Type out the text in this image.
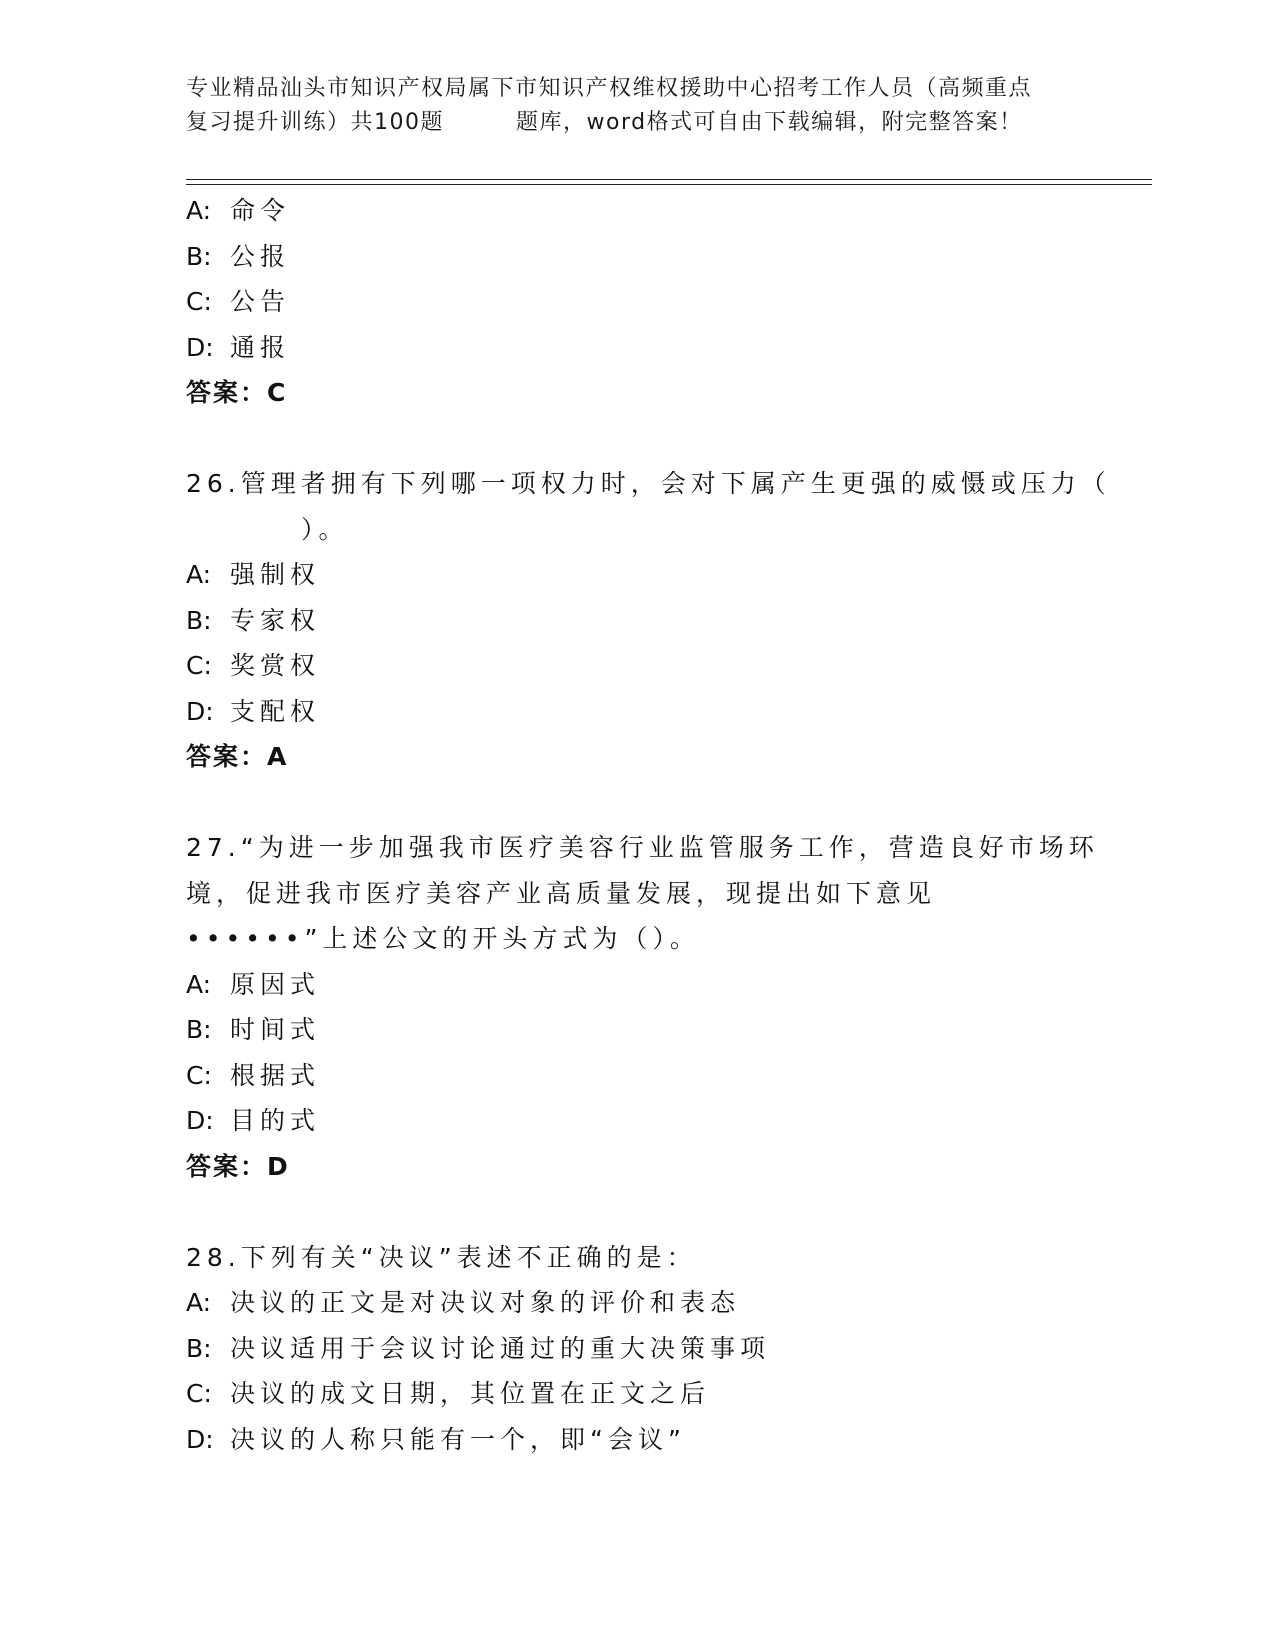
专业精品汕头市知识产权局属下市知识产权维权援助中心招考工作人员（高频重点
复习提升训练）共100题	题库，word格式可自由下载编辑，附完整答案！
A: 命令
B: 公报
C: 公告
D: 通报
答案：C
26.管理者拥有下列哪一项权力时，会对下属产生更强的威慑或压力（
）。
A: 强制权
B: 专家权
C: 奖赏权
D: 支配权
答案：A
27.“为进一步加强我市医疗美容行业监管服务工作，营造良好市场环
境，促进我市医疗美容产业高质量发展，现提出如下意见
••••••”上述公文的开头方式为（）。
A: 原因式
B: 时间式
C: 根据式
D: 目的式
答案：D
28.下列有关“决议”表述不正确的是：
A: 决议的正文是对决议对象的评价和表态
B: 决议适用于会议讨论通过的重大决策事项
C: 决议的成文日期，其位置在正文之后
D: 决议的人称只能有一个，即“会议”
